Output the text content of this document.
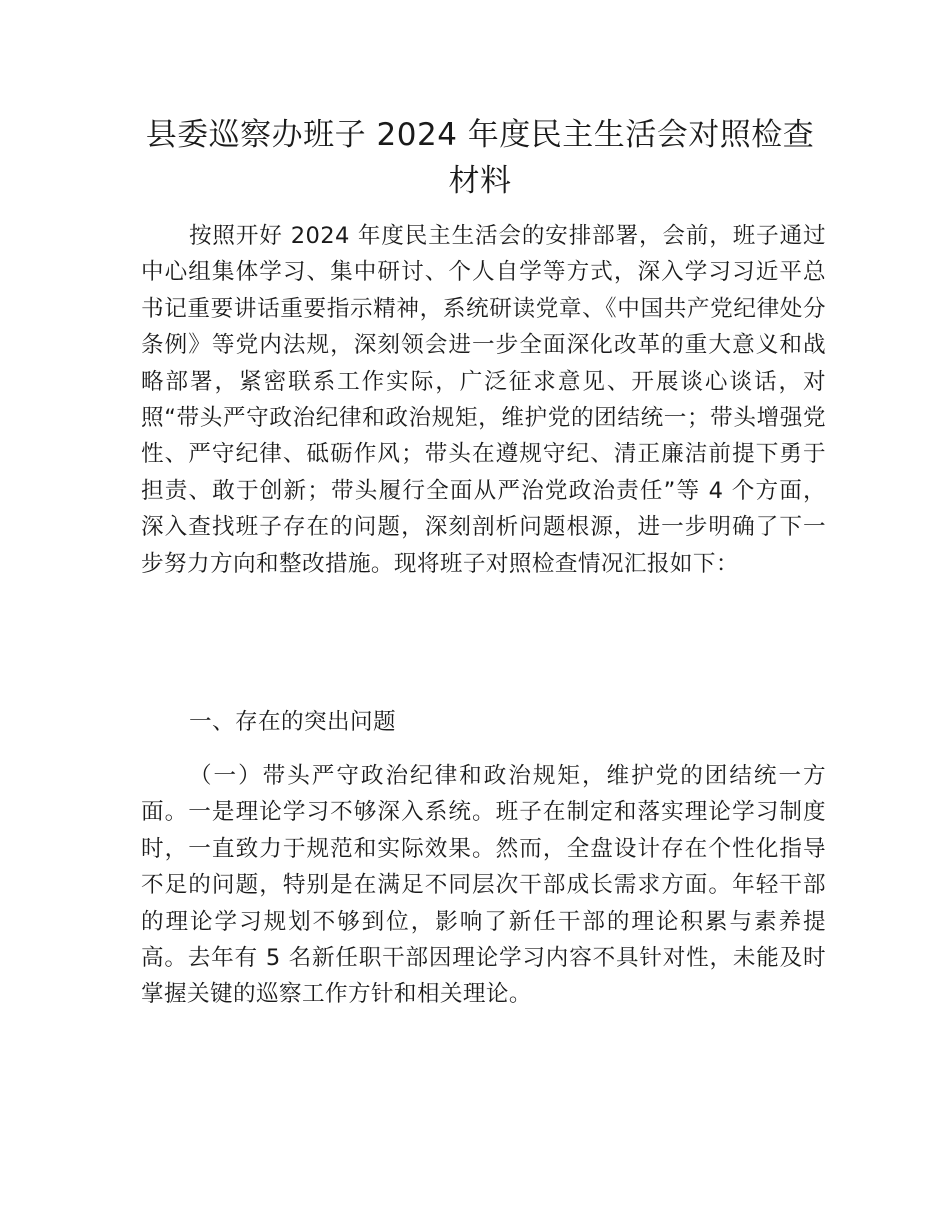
县委巡察办班子 2024 年度民主生活会对照检查材料

按照开好 2024 年度民主生活会的安排部署，会前，班子通过中心组集体学习、集中研讨、个人自学等方式，深入学习习近平总书记重要讲话重要指示精神，系统研读党章、《中国共产党纪律处分条例》等党内法规，深刻领会进一步全面深化改革的重大意义和战略部署，紧密联系工作实际，广泛征求意见、开展谈心谈话，对照“带头严守政治纪律和政治规矩，维护党的团结统一；带头增强党性、严守纪律、砥砺作风；带头在遵规守纪、清正廉洁前提下勇于担责、敢于创新；带头履行全面从严治党政治责任”等 4 个方面，深入查找班子存在的问题，深刻剖析问题根源，进一步明确了下一步努力方向和整改措施。现将班子对照检查情况汇报如下：

一、存在的突出问题

（一）带头严守政治纪律和政治规矩，维护党的团结统一方面。一是理论学习不够深入系统。班子在制定和落实理论学习制度时，一直致力于规范和实际效果。然而，全盘设计存在个性化指导不足的问题，特别是在满足不同层次干部成长需求方面。年轻干部的理论学习规划不够到位，影响了新任干部的理论积累与素养提高。去年有 5 名新任职干部因理论学习内容不具针对性，未能及时掌握关键的巡察工作方针和相关理论。
